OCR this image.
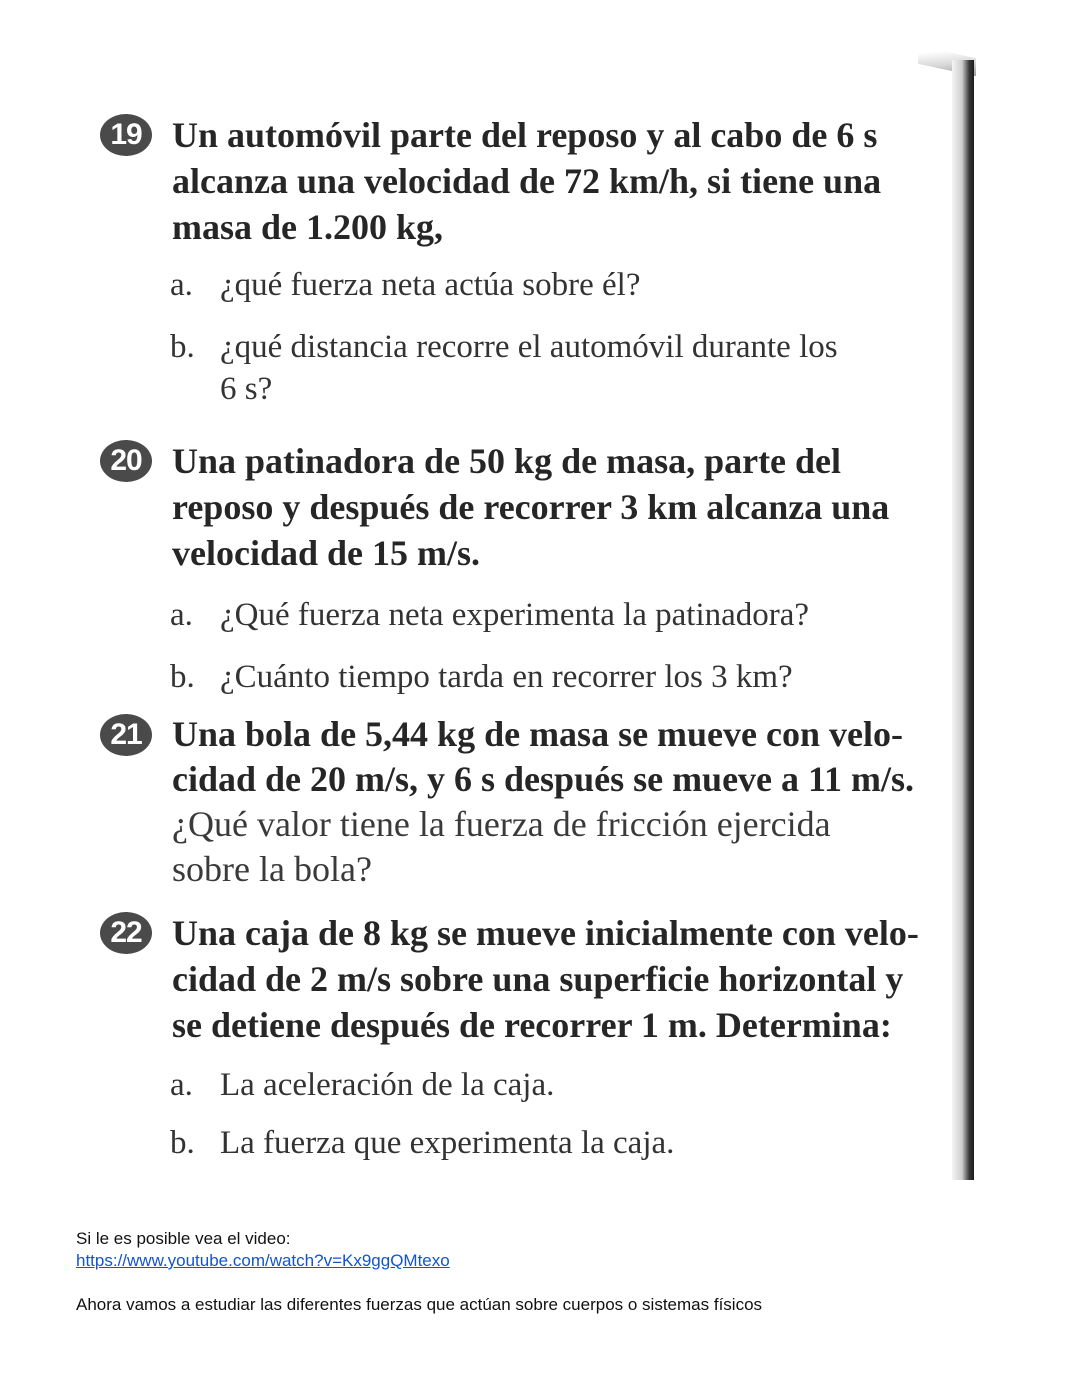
19 Un automóvil parte del reposo y al cabo de 6 s
alcanza una velocidad de 72 km/h, si tiene una
masa de 1.200 kg,
a. ¿qué fuerza neta actúa sobre él?
b. ¿qué distancia recorre el automóvil durante los 6 s?
20 Una patinadora de 50 kg de masa, parte del
reposo y después de recorrer 3 km alcanza una
velocidad de 15 m/s.
a. ¿Qué fuerza neta experimenta la patinadora?
b. ¿Cuánto tiempo tarda en recorrer los 3 km?
21 Una bola de 5,44 kg de masa se mueve con velo-
cidad de 20 m/s, y 6 s después se mueve a 11 m/s.
¿Qué valor tiene la fuerza de fricción ejercida
sobre la bola?
22 Una caja de 8 kg se mueve inicialmente con velo-
cidad de 2 m/s sobre una superficie horizontal y
se detiene después de recorrer 1 m. Determina:
a. La aceleración de la caja.
b. La fuerza que experimenta la caja.
Si le es posible vea el video:
https://www.youtube.com/watch?v=Kx9ggQMtexo
Ahora vamos a estudiar las diferentes fuerzas que actúan sobre cuerpos o sistemas físicos
